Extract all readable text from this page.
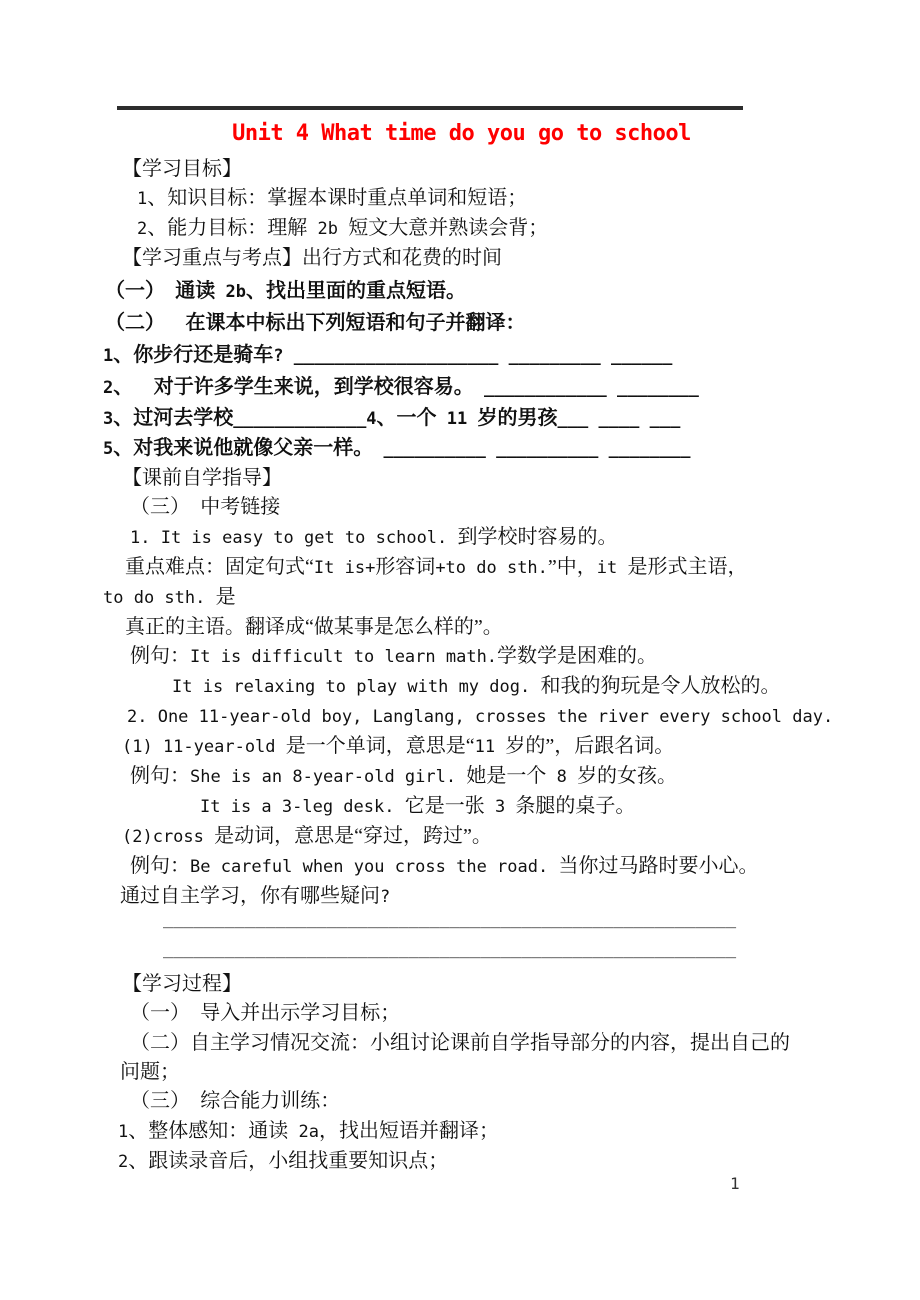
Unit 4 What time do you go to school
【学习目标】
1、知识目标：掌握本课时重点单词和短语；
2、能力目标：理解 2b 短文大意并熟读会背；
【学习重点与考点】出行方式和花费的时间
（一） 通读 2b、找出里面的重点短语。
（二） 在课本中标出下列短语和句子并翻译：
1、你步行还是骑车? ____________________ _________ ______
2、 对于许多学生来说，到学校很容易。 ____________ ________
3、过河去学校_____________4、一个 11 岁的男孩___ ____ ___
5、对我来说他就像父亲一样。 __________ __________ ________
【课前自学指导】
（三） 中考链接
1. It is easy to get to school. 到学校时容易的。
重点难点：固定句式“It is+形容词+to do sth.”中，it 是形式主语，
to do sth. 是
真正的主语。翻译成“做某事是怎么样的”。
例句：It is difficult to learn math.学数学是困难的。
It is relaxing to play with my dog. 和我的狗玩是令人放松的。
2. One 11-year-old boy, Langlang, crosses the river every school day.
(1) 11-year-old 是一个单词，意思是“11 岁的”，后跟名词。
例句：She is an 8-year-old girl. 她是一个 8 岁的女孩。
It is a 3-leg desk. 它是一张 3 条腿的桌子。
(2)cross 是动词，意思是“穿过，跨过”。
例句：Be careful when you cross the road. 当你过马路时要小心。
通过自主学习，你有哪些疑问?
________________________________________________________
________________________________________________________
【学习过程】
（一） 导入并出示学习目标；
（二）自主学习情况交流：小组讨论课前自学指导部分的内容，提出自己的
问题；
（三） 综合能力训练：
1、整体感知：通读 2a，找出短语并翻译；
2、跟读录音后，小组找重要知识点；
1
